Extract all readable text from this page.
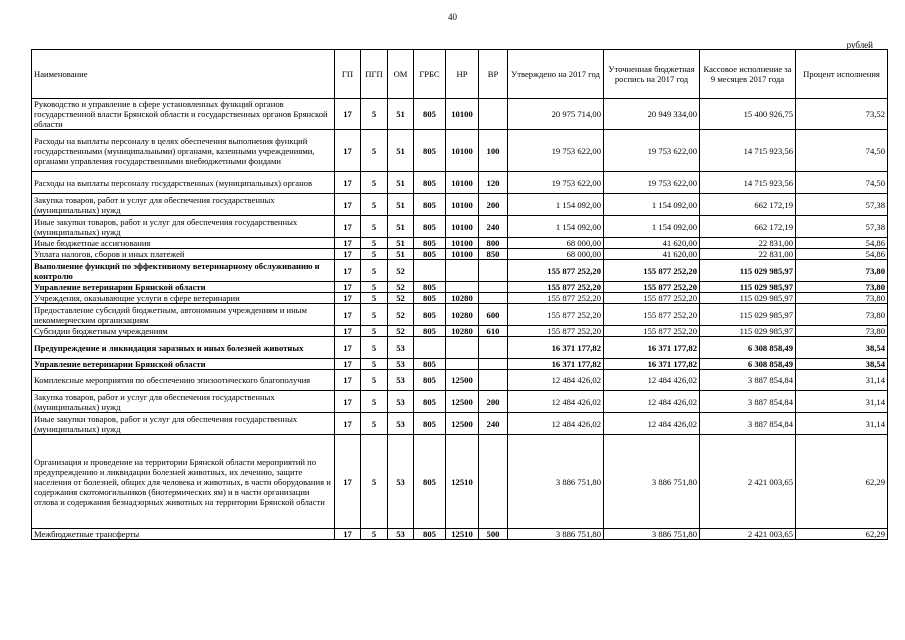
40
рублей
Наименование	ГП	ПГП	ОМ	ГРБС	НР	ВР	Утверждено на 2017 год	Уточненная бюджетная роспись на 2017 год	Кассовое исполнение за 9 месяцев 2017 года	Процент исполнения
Руководство и управление в сфере установленных функций органов государственной власти Брянской области и государственных органов Брянской области	17	5	51	805	10100		20 975 714,00	20 949 334,00	15 400 926,75	73,52
Расходы на выплаты персоналу в целях обеспечения выполнения функций государственными (муниципальными) органами, казенными учреждениями, органами управления государственными внебюджетными фондами	17	5	51	805	10100	100	19 753 622,00	19 753 622,00	14 715 923,56	74,50
Расходы на выплаты персоналу государственных (муниципальных) органов	17	5	51	805	10100	120	19 753 622,00	19 753 622,00	14 715 923,56	74,50
Закупка товаров, работ и услуг для обеспечения государственных (муниципальных) нужд	17	5	51	805	10100	200	1 154 092,00	1 154 092,00	662 172,19	57,38
Иные закупки товаров, работ и услуг для обеспечения государственных (муниципальных) нужд	17	5	51	805	10100	240	1 154 092,00	1 154 092,00	662 172,19	57,38
Иные бюджетные ассигнования	17	5	51	805	10100	800	68 000,00	41 620,00	22 831,00	54,86
Уплата налогов, сборов и иных платежей	17	5	51	805	10100	850	68 000,00	41 620,00	22 831,00	54,86
Выполнение функций по эффективному ветеринарному обслуживанию и контролю	17	5	52				155 877 252,20	155 877 252,20	115 029 985,97	73,80
Управление ветеринарии Брянской области	17	5	52	805			155 877 252,20	155 877 252,20	115 029 985,97	73,80
Учреждения, оказывающие услуги в сфере ветеринарии	17	5	52	805	10280		155 877 252,20	155 877 252,20	115 029 985,97	73,80
Предоставление субсидий бюджетным, автономным учреждениям и иным некоммерческим организациям	17	5	52	805	10280	600	155 877 252,20	155 877 252,20	115 029 985,97	73,80
Субсидии бюджетным учреждениям	17	5	52	805	10280	610	155 877 252,20	155 877 252,20	115 029 985,97	73,80
Предупреждение и ликвидация заразных и иных болезней животных	17	5	53				16 371 177,82	16 371 177,82	6 308 858,49	38,54
Управление ветеринарии Брянской области	17	5	53	805			16 371 177,82	16 371 177,82	6 308 858,49	38,54
Комплексные мероприятия по обеспечению эпизоотического благополучия	17	5	53	805	12500		12 484 426,02	12 484 426,02	3 887 854,84	31,14
Закупка товаров, работ и услуг для обеспечения государственных (муниципальных) нужд	17	5	53	805	12500	200	12 484 426,02	12 484 426,02	3 887 854,84	31,14
Иные закупки товаров, работ и услуг для обеспечения государственных (муниципальных) нужд	17	5	53	805	12500	240	12 484 426,02	12 484 426,02	3 887 854,84	31,14
Организация и проведение на территории Брянской области мероприятий по предупреждению и ликвидации болезней животных, их лечению, защите населения от болезней, общих для человека и животных, в части оборудования и содержания скотомогильников (биотермических ям) и в части организации отлова и содержания безнадзорных животных на территории Брянской области	17	5	53	805	12510		3 886 751,80	3 886 751,80	2 421 003,65	62,29
Межбюджетные трансферты	17	5	53	805	12510	500	3 886 751,80	3 886 751,80	2 421 003,65	62,29
